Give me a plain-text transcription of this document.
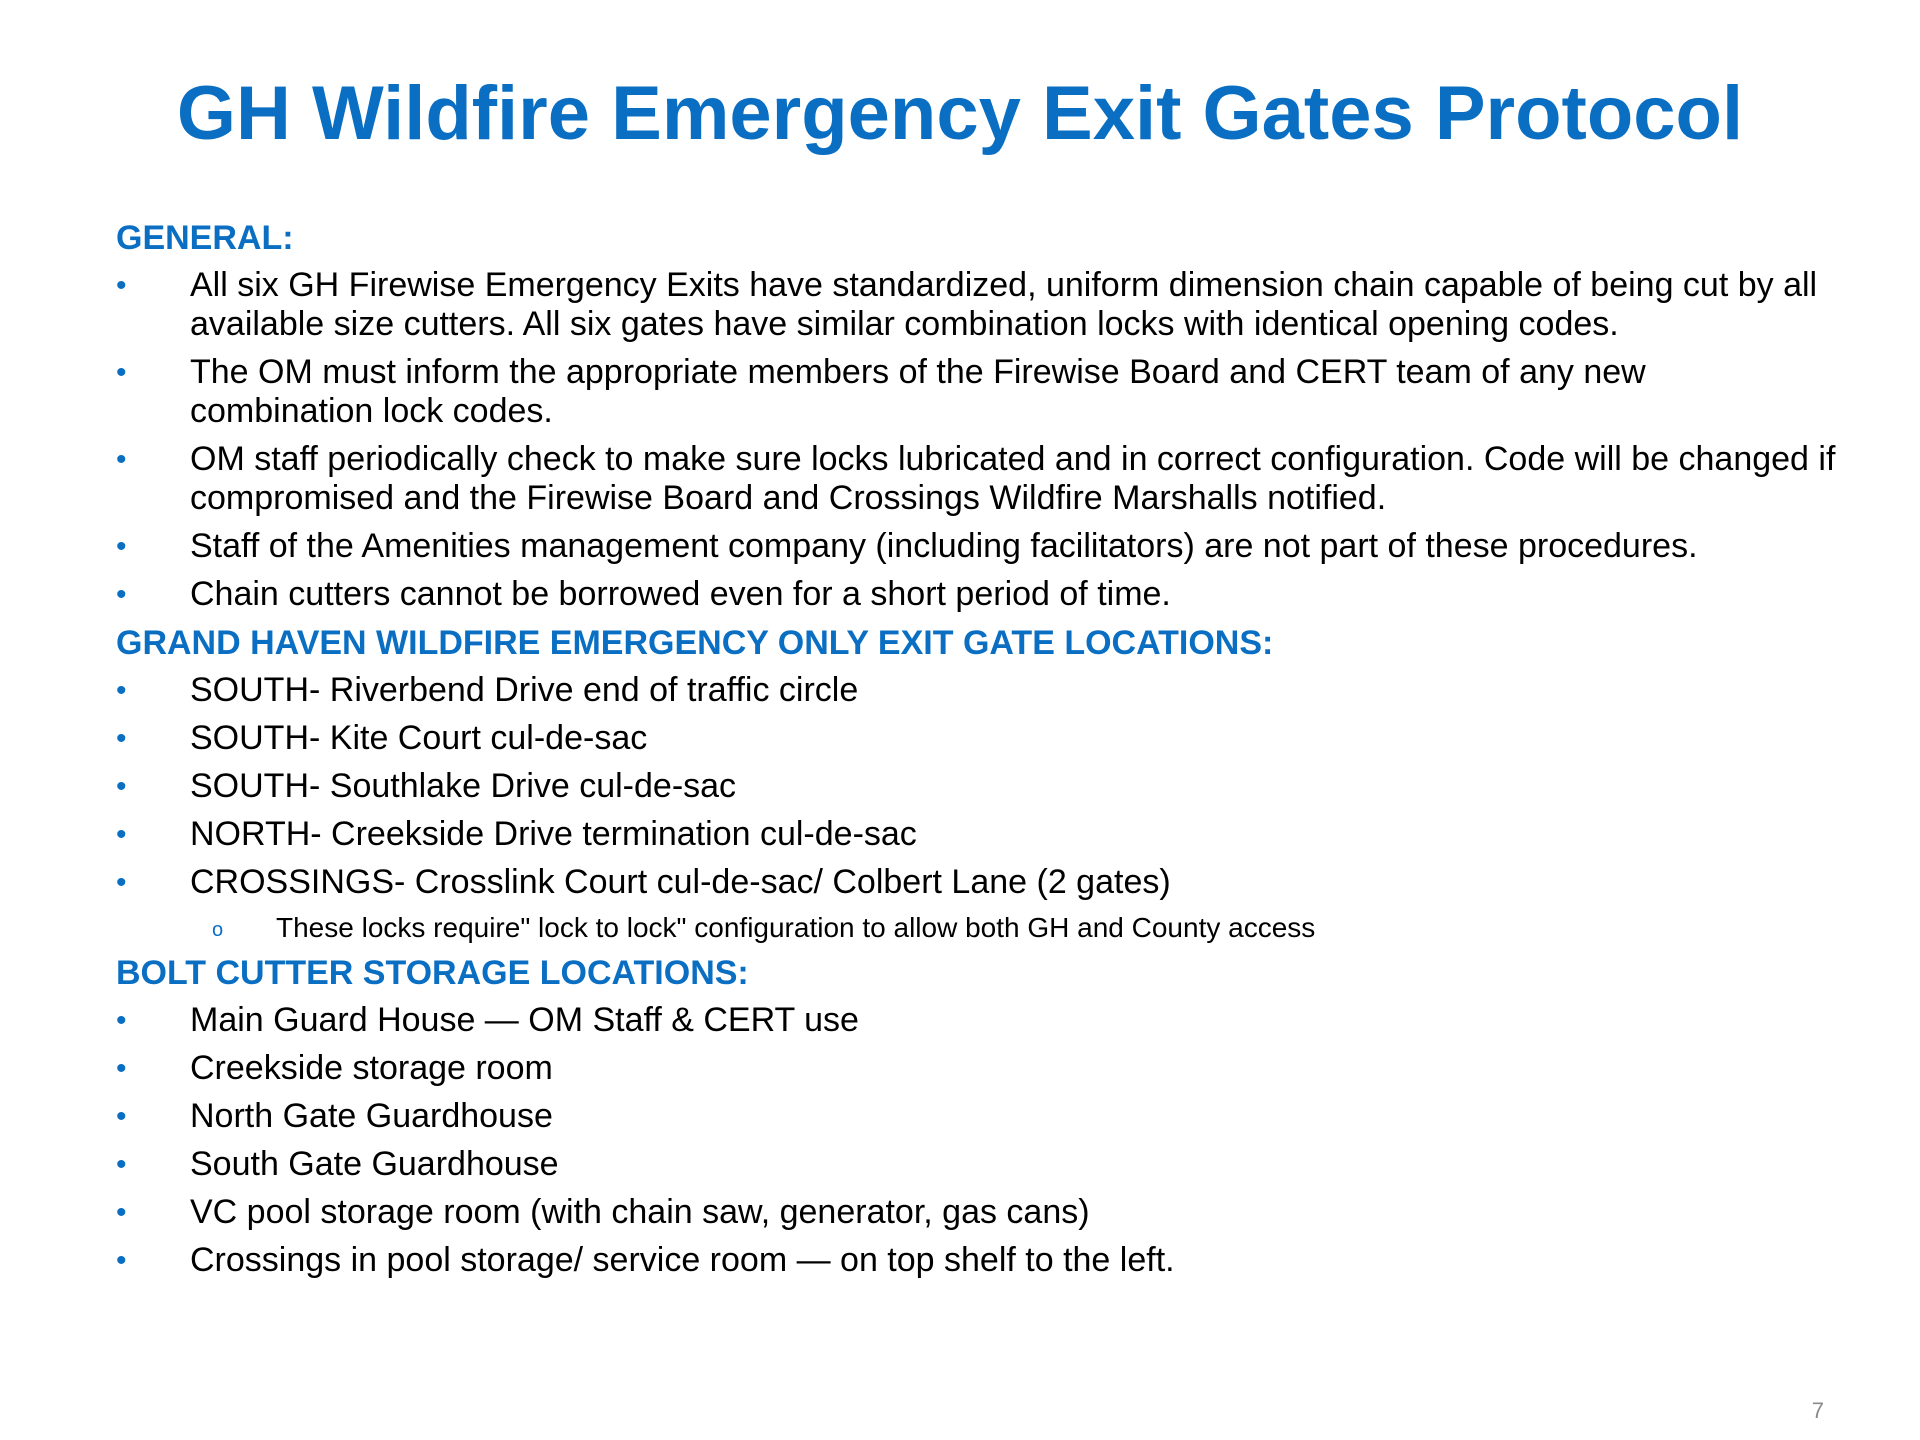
GH Wildfire Emergency Exit Gates Protocol
GENERAL:
• All six GH Firewise Emergency Exits have standardized, uniform dimension chain capable of being cut by all available size cutters. All six gates have similar combination locks with identical opening codes.
• The OM must inform the appropriate members of the Firewise Board and CERT team of any new combination lock codes.
• OM staff periodically check to make sure locks lubricated and in correct configuration. Code will be changed if compromised and the Firewise Board and Crossings Wildfire Marshalls notified.
• Staff of the Amenities management company (including facilitators) are not part of these procedures.
• Chain cutters cannot be borrowed even for a short period of time.
GRAND HAVEN WILDFIRE EMERGENCY ONLY EXIT GATE LOCATIONS:
• SOUTH- Riverbend Drive end of traffic circle
• SOUTH- Kite Court cul-de-sac
• SOUTH- Southlake Drive cul-de-sac
• NORTH- Creekside Drive termination cul-de-sac
• CROSSINGS- Crosslink Court cul-de-sac/ Colbert Lane (2 gates)
o These locks require" lock to lock" configuration to allow both GH and County access
BOLT CUTTER STORAGE LOCATIONS:
• Main Guard House — OM Staff & CERT use
• Creekside storage room
• North Gate Guardhouse
• South Gate Guardhouse
• VC pool storage room (with chain saw, generator, gas cans)
• Crossings in pool storage/ service room — on top shelf to the left.
7
